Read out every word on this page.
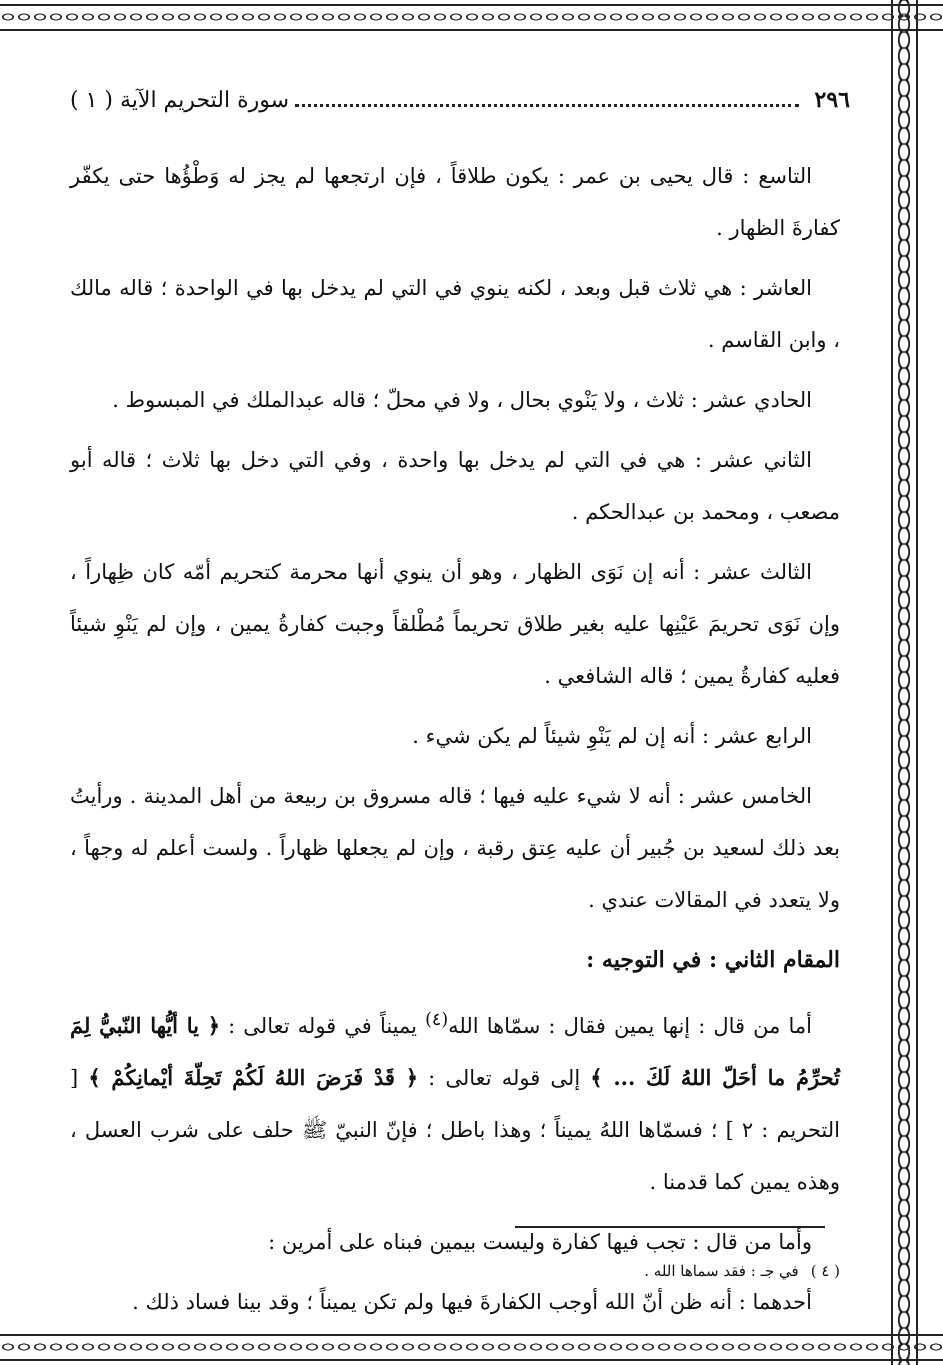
٢٩٦
سورة التحريم الآية ( ١ )

التاسع : قال يحيى بن عمر : يكون طلاقاً ، فإن ارتجعها لم يجز له وَطْؤُها حتى يكفّر كفارةَ الظهار .

العاشر : هي ثلاث قبل وبعد ، لكنه ينوي في التي لم يدخل بها في الواحدة ؛ قاله مالك ، وابن القاسم .

الحادي عشر : ثلاث ، ولا يَنْوي بحال ، ولا في محلّ ؛ قاله عبدالملك في المبسوط .

الثاني عشر : هي في التي لم يدخل بها واحدة ، وفي التي دخل بها ثلاث ؛ قاله أبو مصعب ، ومحمد بن عبدالحكم .

الثالث عشر : أنه إن نَوَى الظهار ، وهو أن ينوي أنها محرمة كتحريم أمّه كان ظِهاراً ، وإن نَوَى تحريمَ عَيْنِها عليه بغير طلاق تحريماً مُطْلقاً وجبت كفارةُ يمين ، وإن لم يَنْوِ شيئاً فعليه كفارةُ يمين ؛ قاله الشافعي .

الرابع عشر : أنه إن لم يَنْوِ شيئاً لم يكن شيء .

الخامس عشر : أنه لا شيء عليه فيها ؛ قاله مسروق بن ربيعة من أهل المدينة . ورأيتُ بعد ذلك لسعيد بن جُبير أن عليه عِتق رقبة ، وإن لم يجعلها ظهاراً . ولست أعلم له وجهاً ، ولا يتعدد في المقالات عندي .

المقام الثاني : في التوجيه :

أما من قال : إنها يمين فقال : سمّاها الله$^{(٤)}$ يميناً في قوله تعالى : ﴿ يا أيُّها النّبيُّ لِمَ تُحرِّمُ ما أحَلّ اللهُ لَكَ ... ﴾ إلى قوله تعالى : ﴿ قَدْ فَرَضَ اللهُ لَكُمْ تَحِلّةَ أيْمانِكُمْ ﴾ [ التحريم : ٢ ] ؛ فسمّاها اللهُ يميناً ؛ وهذا باطل ؛ فإنّ النبيّ ﷺ حلف على شرب العسل ، وهذه يمين كما قدمنا .

وأما من قال : تجب فيها كفارة وليست بيمين فبناه على أمرين :

أحدهما : أنه ظن أنّ الله أوجب الكفارةَ فيها ولم تكن يميناً ؛ وقد بينا فساد ذلك .

( ٤ )
في جـ : فقد سماها الله .
